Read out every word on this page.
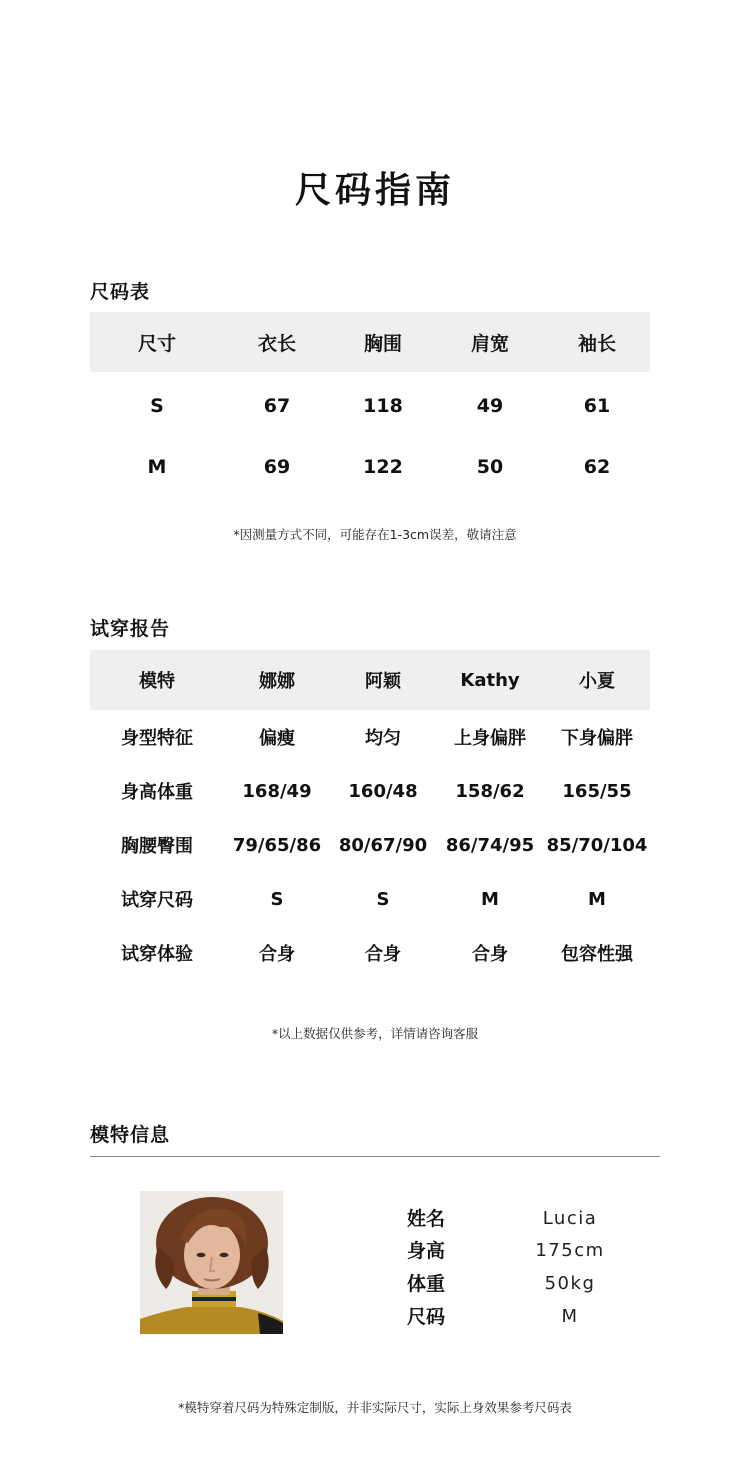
尺码指南
尺码表
尺寸	衣长	胸围	肩宽	袖长
S	67	118	49	61
M	69	122	50	62
*因测量方式不同，可能存在1-3cm误差，敬请注意
试穿报告
模特	娜娜	阿颖	Kathy	小夏
身型特征	偏瘦	均匀	上身偏胖	下身偏胖
身高体重	168/49	160/48	158/62	165/55
胸腰臀围	79/65/86	80/67/90	86/74/95	85/70/104
试穿尺码	S	S	M	M
试穿体验	合身	合身	合身	包容性强
*以上数据仅供参考，详情请咨询客服
模特信息
姓名	Lucia
身高	175cm
体重	50kg
尺码	M
*模特穿着尺码为特殊定制版，并非实际尺寸，实际上身效果参考尺码表
